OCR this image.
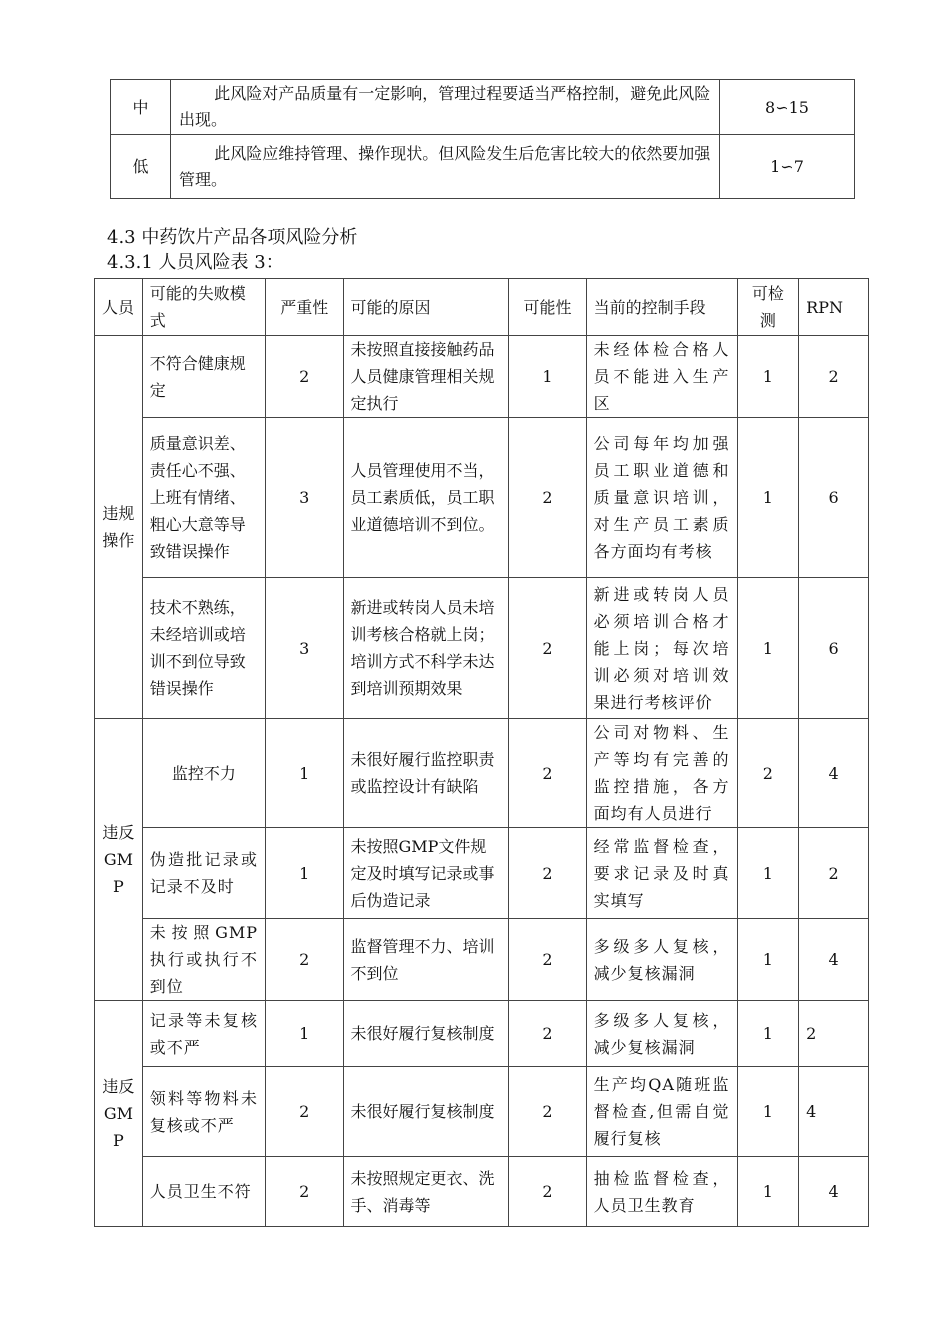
中	此风险对产品质量有一定影响，管理过程要适当严格控制，避免此风险出现。	8∽15
低	此风险应维持管理、操作现状。但风险发生后危害比较大的依然要加强管理。	1∽7
4.3 中药饮片产品各项风险分析
4.3.1 人员风险表 3：
人员	可能的失败模式	严重性	可能的原因	可能性	当前的控制手段	可检测	RPN
违规操作	不符合健康规定	2	未按照直接接触药品人员健康管理相关规定执行	1	未经体检合格人员不能进入生产区	1	2
	质量意识差、责任心不强、上班有情绪、粗心大意等导致错误操作	3	人员管理使用不当，员工素质低，员工职业道德培训不到位。	2	公司每年均加强员工职业道德和质量意识培训，对生产员工素质各方面均有考核	1	6
	技术不熟练，未经培训或培训不到位导致错误操作	3	新进或转岗人员未培训考核合格就上岗；培训方式不科学未达到培训预期效果	2	新进或转岗人员必须培训合格才能上岗；每次培训必须对培训效果进行考核评价	1	6
违反GMP	监控不力	1	未很好履行监控职责或监控设计有缺陷	2	公司对物料、生产等均有完善的监控措施，各方面均有人员进行	2	4
	伪造批记录或记录不及时	1	未按照GMP文件规定及时填写记录或事后伪造记录	2	经常监督检查，要求记录及时真实填写	1	2
	未按照GMP执行或执行不到位	2	监督管理不力、培训不到位	2	多级多人复核，减少复核漏洞	1	4
违反GMP	记录等未复核或不严	1	未很好履行复核制度	2	多级多人复核，减少复核漏洞	1	2
	领料等物料未复核或不严	2	未很好履行复核制度	2	生产均QA随班监督检查,但需自觉履行复核	1	4
	人员卫生不符	2	未按照规定更衣、洗手、消毒等	2	抽检监督检查，人员卫生教育	1	4
